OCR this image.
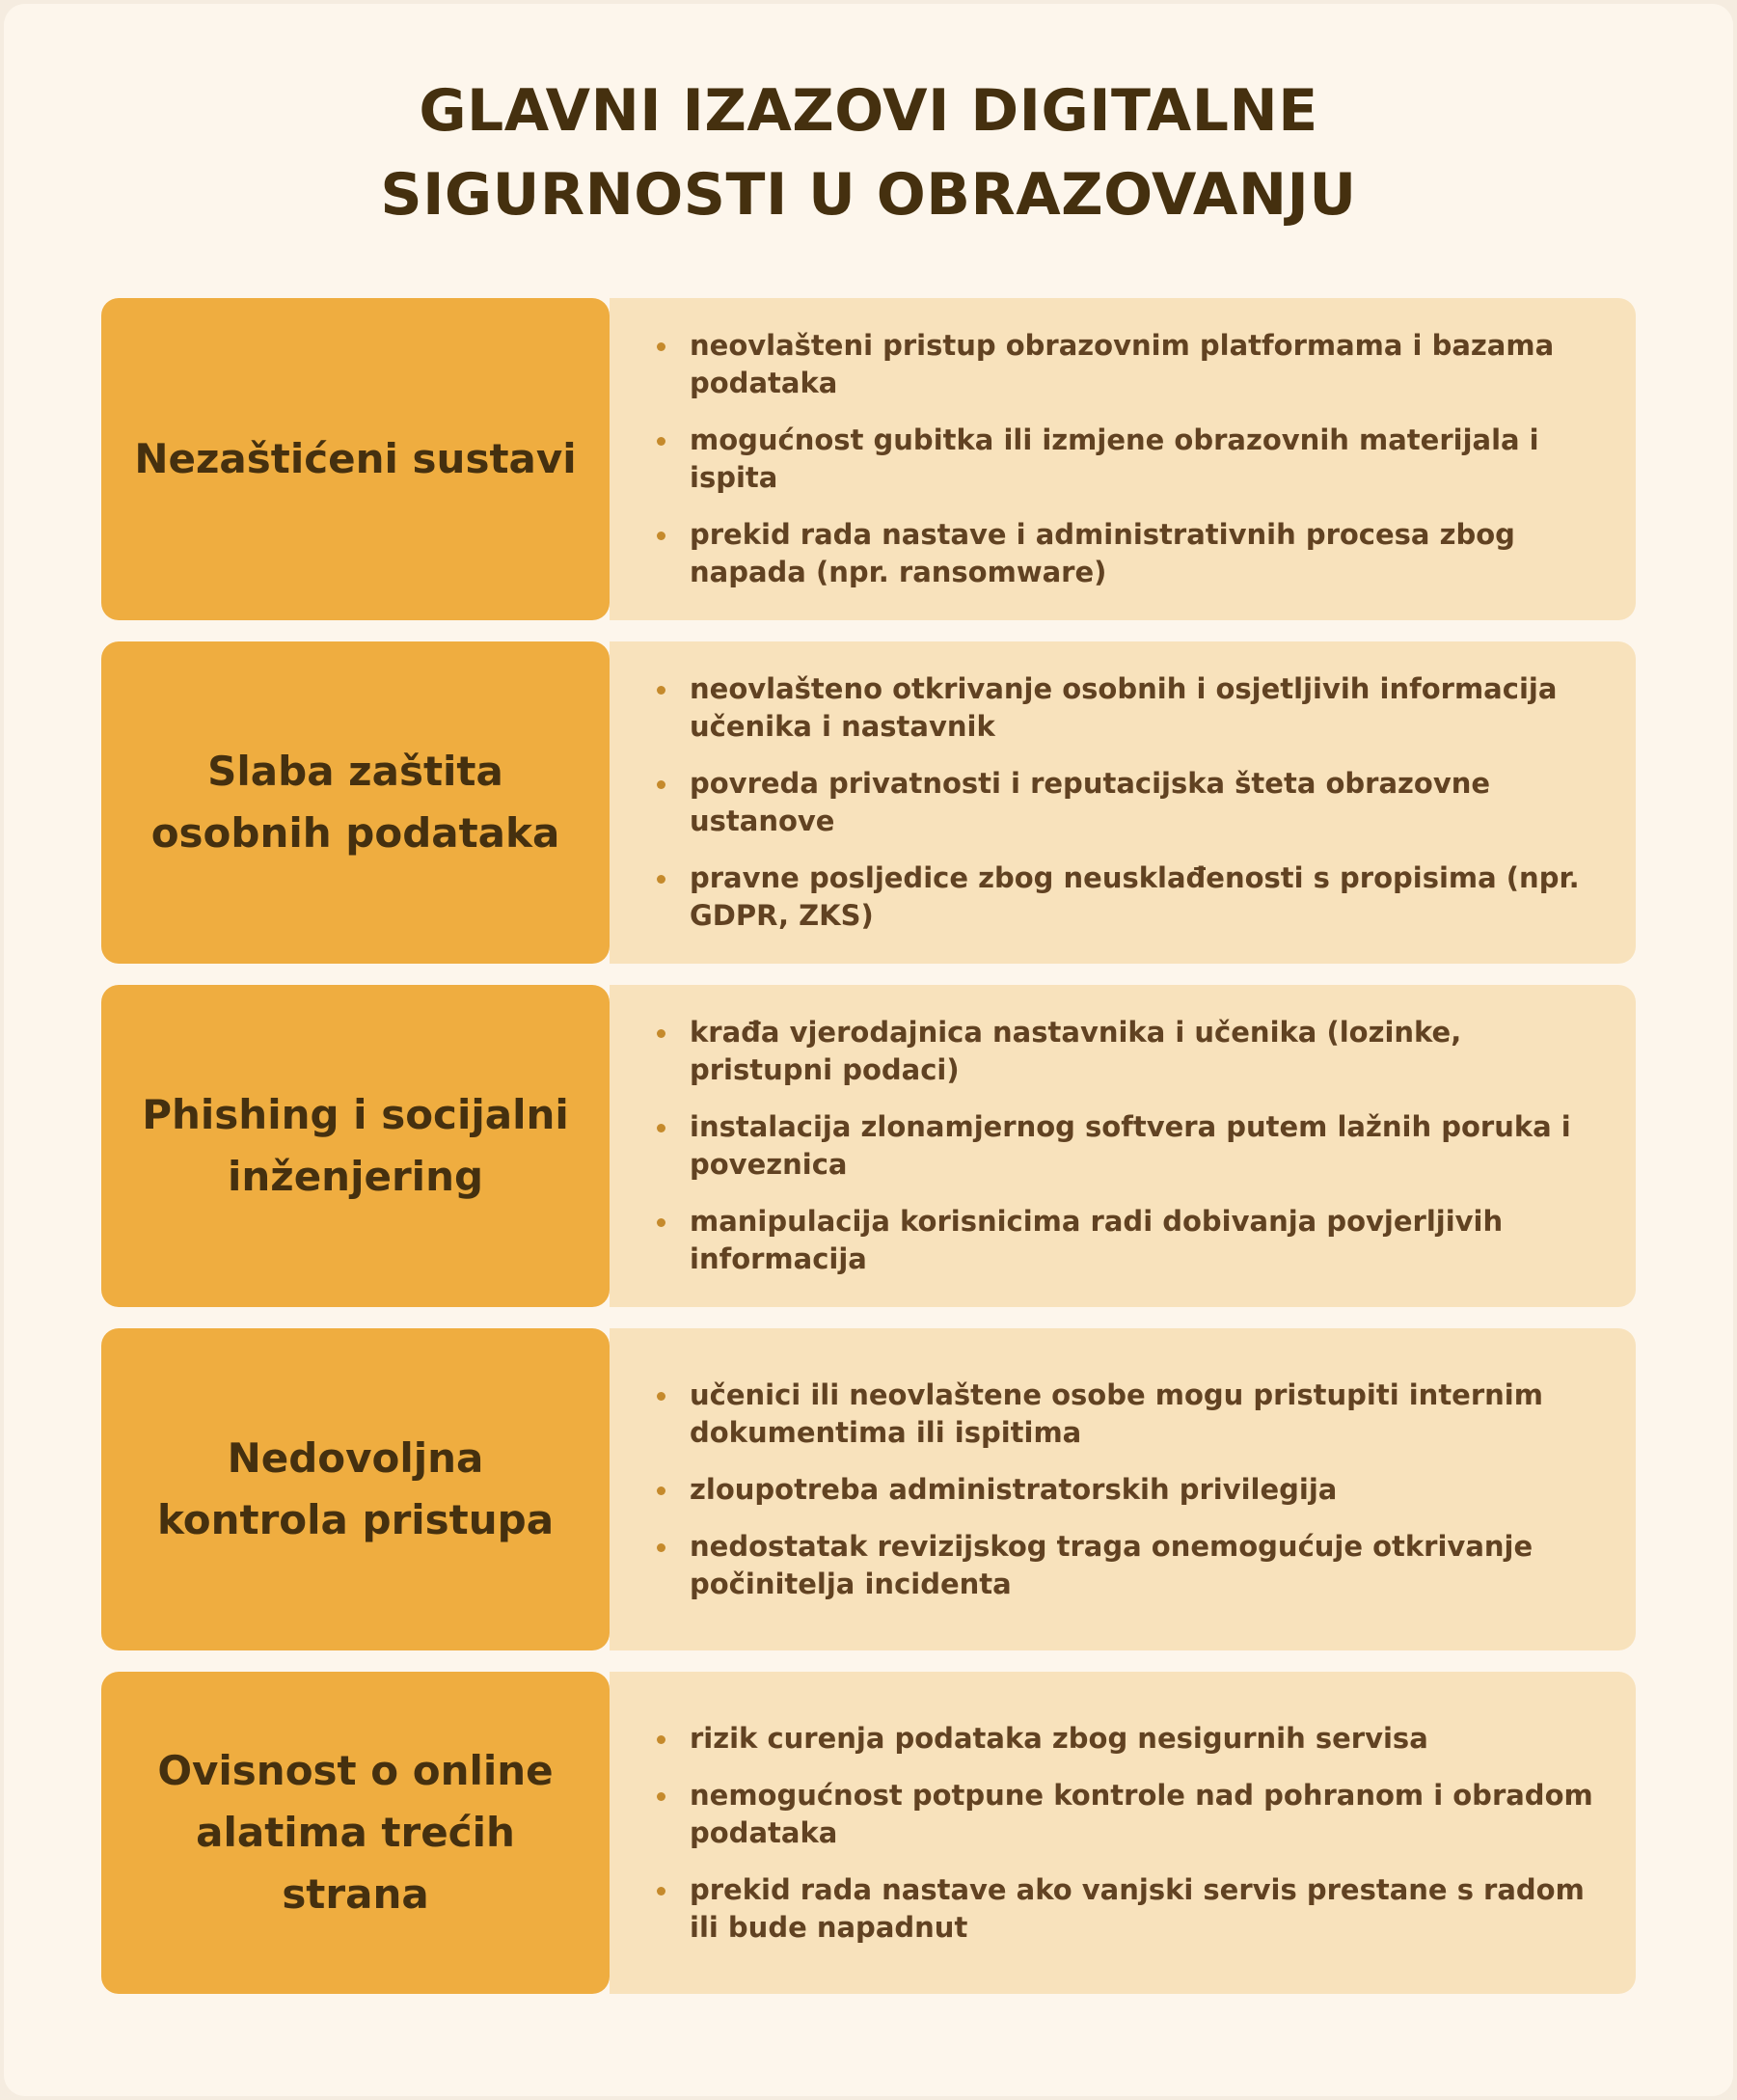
GLAVNI IZAZOVI DIGITALNE
SIGURNOSTI U OBRAZOVANJU
Nezaštićeni sustavi
neovlašteni pristup obrazovnim platformama i bazama podataka
mogućnost gubitka ili izmjene obrazovnih materijala i ispita
prekid rada nastave i administrativnih procesa zbog napada (npr. ransomware)
Slaba zaštita osobnih podataka
neovlašteno otkrivanje osobnih i osjetljivih informacija učenika i nastavnik
povreda privatnosti i reputacijska šteta obrazovne ustanove
pravne posljedice zbog neusklađenosti s propisima (npr. GDPR, ZKS)
Phishing i socijalni inženjering
krađa vjerodajnica nastavnika i učenika (lozinke, pristupni podaci)
instalacija zlonamjernog softvera putem lažnih poruka i poveznica
manipulacija korisnicima radi dobivanja povjerljivih informacija
Nedovoljna kontrola pristupa
učenici ili neovlaštene osobe mogu pristupiti internim dokumentima ili ispitima
zloupotreba administratorskih privilegija
nedostatak revizijskog traga onemogućuje otkrivanje počinitelja incidenta
Ovisnost o online alatima trećih strana
rizik curenja podataka zbog nesigurnih servisa
nemogućnost potpune kontrole nad pohranom i obradom podataka
prekid rada nastave ako vanjski servis prestane s radom ili bude napadnut
